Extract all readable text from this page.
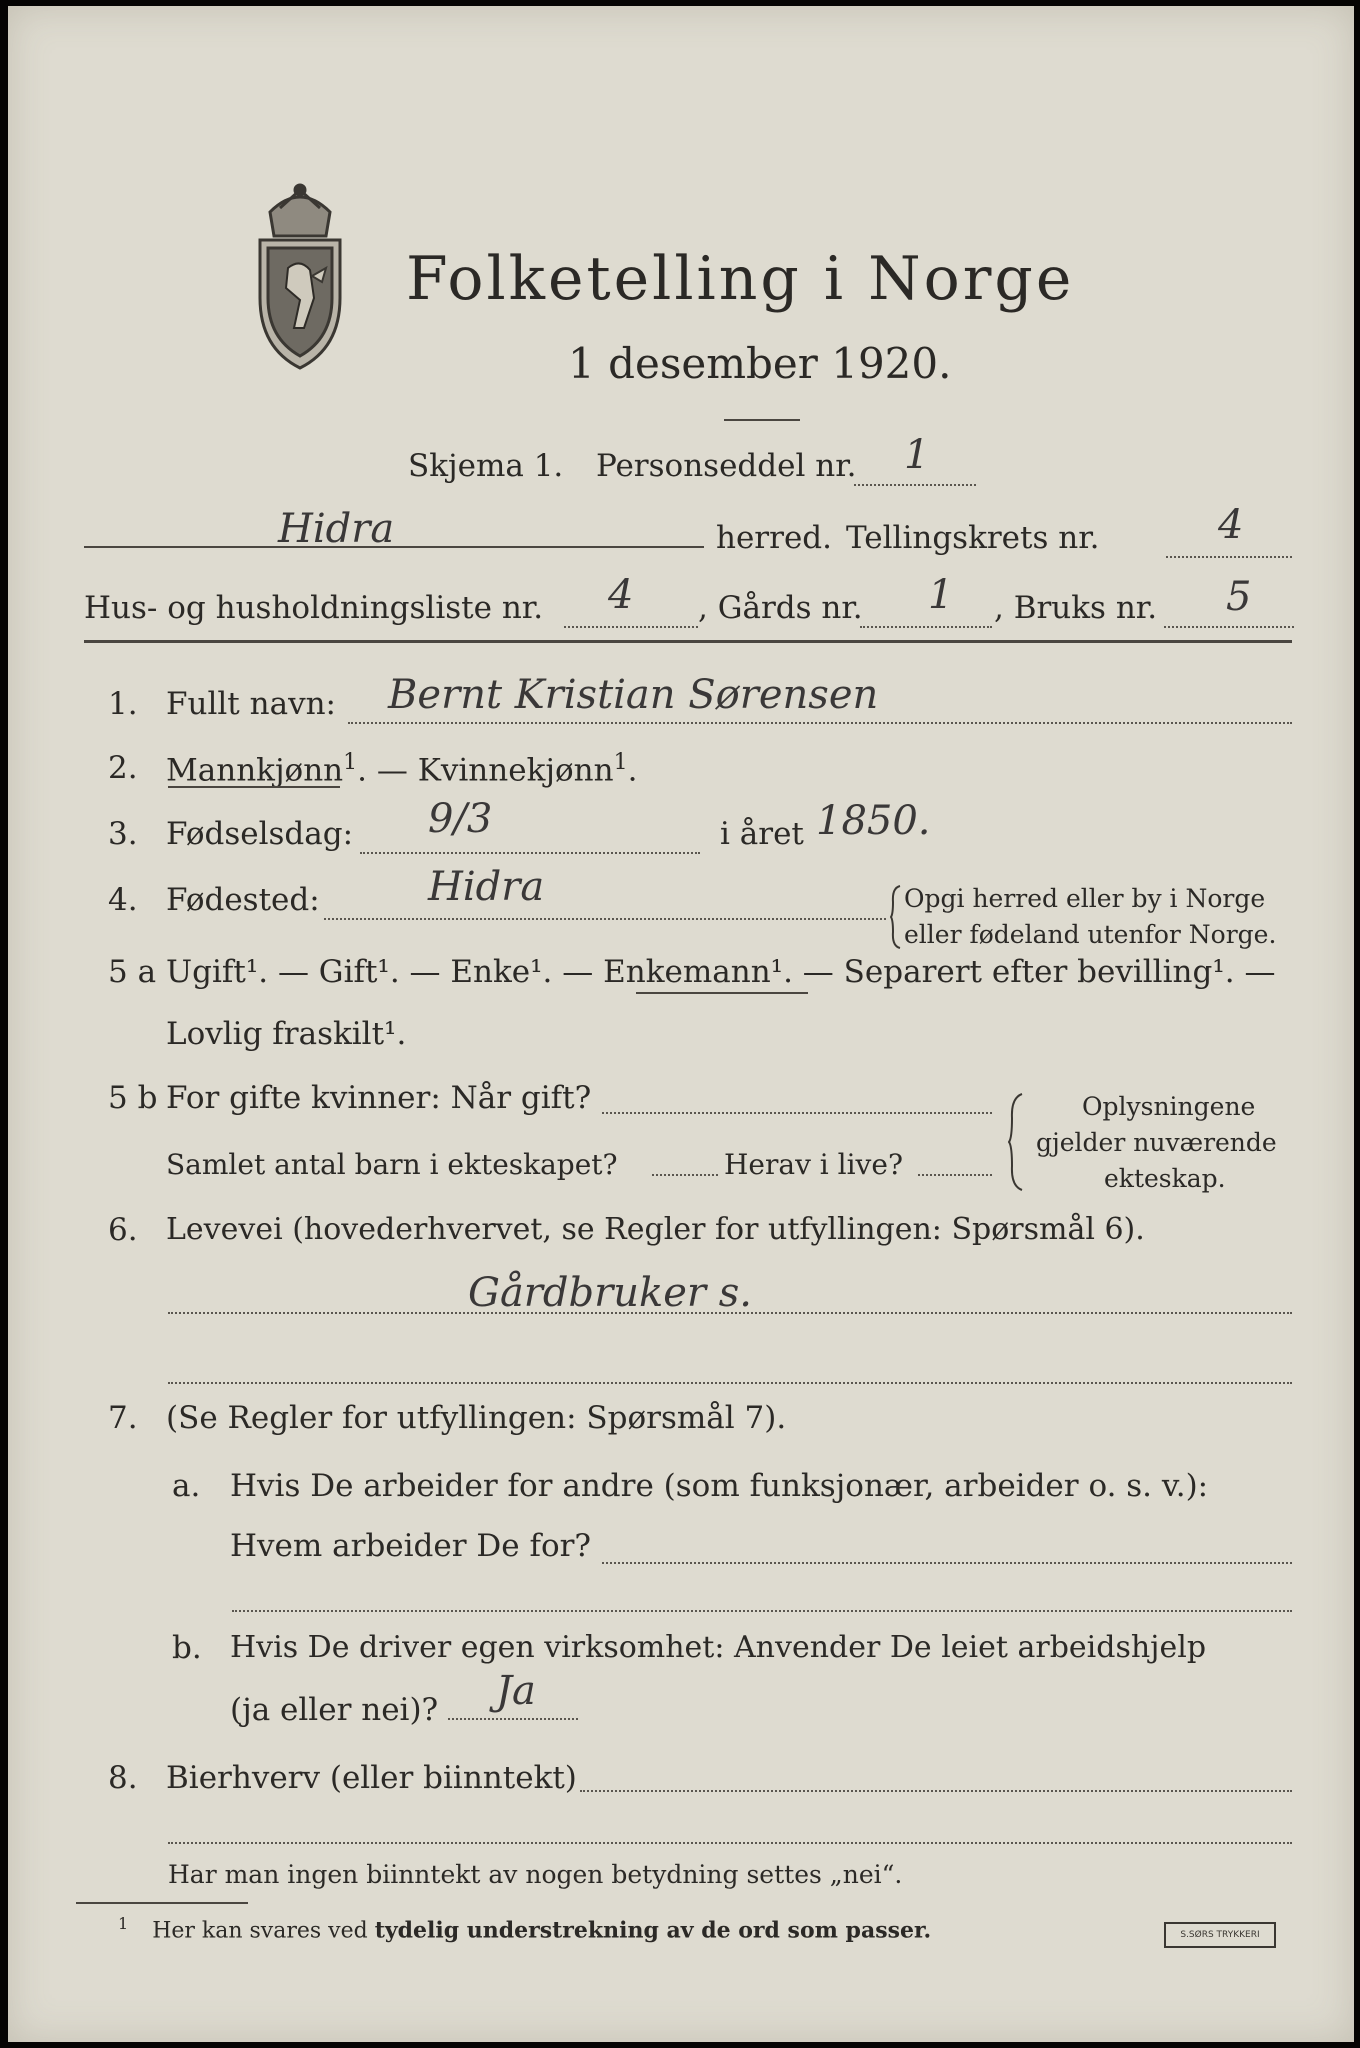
Folketelling i Norge
1 desember 1920.
Skjema 1. Personseddel nr. 1
Hidra	herred. Tellingskrets nr.	4
Hus- og husholdningsliste nr. 4 , Gårds nr. 1 , Bruks nr. 5
1. Fullt navn: Bernt Kristian Sørensen
2. Mannkjønn$^1$. — Kvinnekjønn$^1$.
3. Fødselsdag: 9/3	i året 1850.
4. Fødested:	Hidra	Opgi herred eller by i Norge
eller fødeland utenfor Norge.
5 a Ugift¹. — Gift¹. — Enke¹. — Enkemann¹. — Separert efter bevilling¹. —
Lovlig fraskilt¹.
5 b For gifte kvinner: Når gift?
Samlet antal barn i ekteskapet?	Herav i live?
Oplysningene
gjelder nuværende
ekteskap.
6. Levevei (hovederhvervet, se Regler for utfyllingen: Spørsmål 6).
Gårdbruker s.
7. (Se Regler for utfyllingen: Spørsmål 7).
a. Hvis De arbeider for andre (som funksjonær, arbeider o. s. v.):
Hvem arbeider De for?
b. Hvis De driver egen virksomhet: Anvender De leiet arbeidshjelp
(ja eller nei)? Ja
8. Bierhverv (eller biinntekt)
Har man ingen biinntekt av nogen betydning settes „nei“.
$^1$ Her kan svares ved tydelig understrekning av de ord som passer.	S.SØRS TRYKKERI
